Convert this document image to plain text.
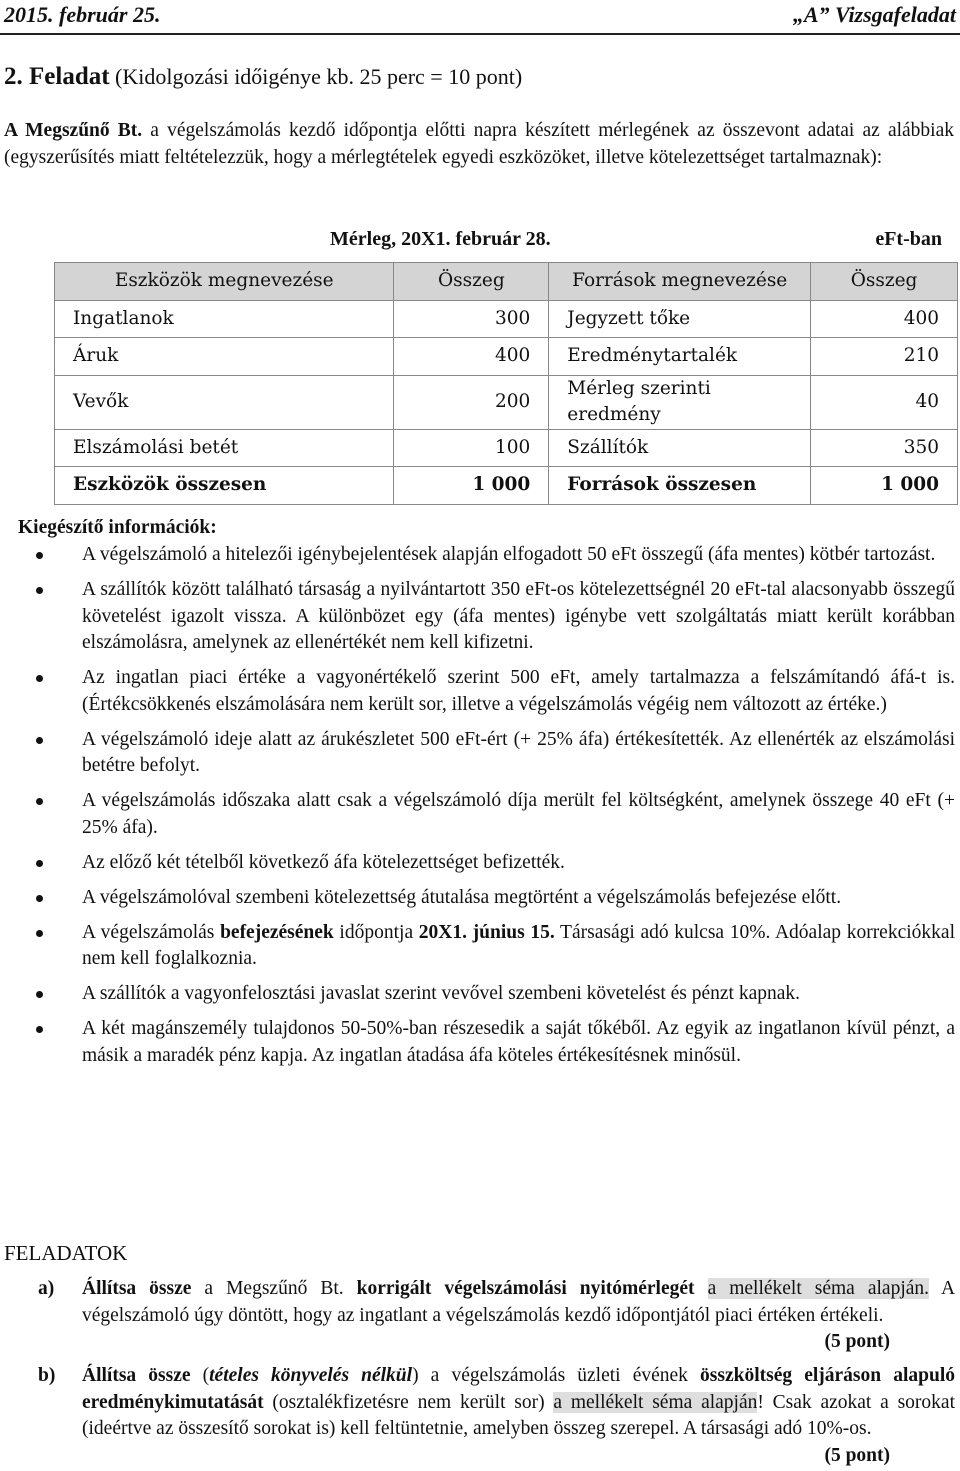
2015. február 25.	„A” Vizsgafeladat
2. Feladat (Kidolgozási időigénye kb. 25 perc = 10 pont)
A Megszűnő Bt. a végelszámolás kezdő időpontja előtti napra készített mérlegének az összevont adatai az alábbiak (egyszerűsítés miatt feltételezzük, hogy a mérlegtételek egyedi eszközöket, illetve kötelezettséget tartalmaznak):
Mérleg, 20X1. február 28.	eFt-ban
Eszközök megnevezése	Összeg	Források megnevezése	Összeg
Ingatlanok	300	Jegyzett tőke	400
Áruk	400	Eredménytartalék	210
Vevők	200	Mérleg szerinti eredmény	40
Elszámolási betét	100	Szállítók	350
Eszközök összesen	1 000	Források összesen	1 000
Kiegészítő információk:
A végelszámoló a hitelezői igénybejelentések alapján elfogadott 50 eFt összegű (áfa mentes) kötbér tartozást.
A szállítók között található társaság a nyilvántartott 350 eFt-os kötelezettségnél 20 eFt-tal alacsonyabb összegű követelést igazolt vissza. A különbözet egy (áfa mentes) igénybe vett szolgáltatás miatt került korábban elszámolásra, amelynek az ellenértékét nem kell kifizetni.
Az ingatlan piaci értéke a vagyonértékelő szerint 500 eFt, amely tartalmazza a felszámítandó áfá-t is. (Értékcsökkenés elszámolására nem került sor, illetve a végelszámolás végéig nem változott az értéke.)
A végelszámoló ideje alatt az árukészletet 500 eFt-ért (+ 25% áfa) értékesítették. Az ellenérték az elszámolási betétre befolyt.
A végelszámolás időszaka alatt csak a végelszámoló díja merült fel költségként, amelynek összege 40 eFt (+ 25% áfa).
Az előző két tételből következő áfa kötelezettséget befizették.
A végelszámolóval szembeni kötelezettség átutalása megtörtént a végelszámolás befejezése előtt.
A végelszámolás befejezésének időpontja 20X1. június 15. Társasági adó kulcsa 10%. Adóalap korrekciókkal nem kell foglalkoznia.
A szállítók a vagyonfelosztási javaslat szerint vevővel szembeni követelést és pénzt kapnak.
A két magánszemély tulajdonos 50-50%-ban részesedik a saját tőkéből. Az egyik az ingatlanon kívül pénzt, a másik a maradék pénz kapja. Az ingatlan átadása áfa köteles értékesítésnek minősül.
FELADATOK
a) Állítsa össze a Megszűnő Bt. korrigált végelszámolási nyitómérlegét a mellékelt séma alapján. A végelszámoló úgy döntött, hogy az ingatlant a végelszámolás kezdő időpontjától piaci értéken értékeli.
(5 pont)
b) Állítsa össze (tételes könyvelés nélkül) a végelszámolás üzleti évének összköltség eljáráson alapuló eredménykimutatását (osztalékfizetésre nem került sor) a mellékelt séma alapján! Csak azokat a sorokat (ideértve az összesítő sorokat is) kell feltüntetnie, amelyben összeg szerepel. A társasági adó 10%-os.
(5 pont)
